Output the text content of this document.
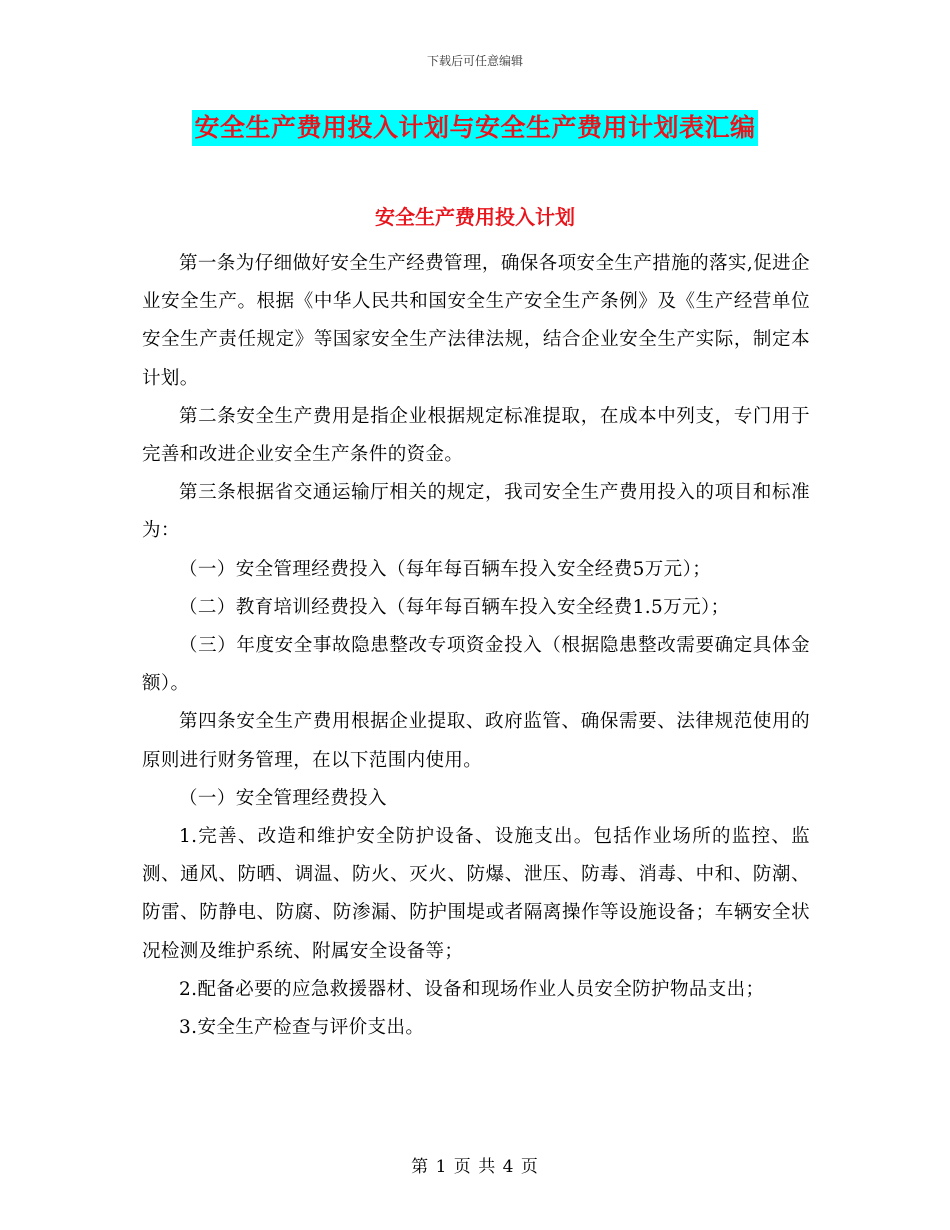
下载后可任意编辑
安全生产费用投入计划与安全生产费用计划表汇编
安全生产费用投入计划

第一条为仔细做好安全生产经费管理，确保各项安全生产措施的落实,促进企业安全生产。根据《中华人民共和国安全生产安全生产条例》及《生产经营单位安全生产责任规定》等国家安全生产法律法规，结合企业安全生产实际，制定本计划。

第二条安全生产费用是指企业根据规定标准提取，在成本中列支，专门用于完善和改进企业安全生产条件的资金。

第三条根据省交通运输厅相关的规定，我司安全生产费用投入的项目和标准为：

（一）安全管理经费投入（每年每百辆车投入安全经费5万元）；

（二）教育培训经费投入（每年每百辆车投入安全经费1.5万元）；

（三）年度安全事故隐患整改专项资金投入（根据隐患整改需要确定具体金额）。

第四条安全生产费用根据企业提取、政府监管、确保需要、法律规范使用的原则进行财务管理，在以下范围内使用。

（一）安全管理经费投入

1.完善、改造和维护安全防护设备、设施支出。包括作业场所的监控、监测、通风、防晒、调温、防火、灭火、防爆、泄压、防毒、消毒、中和、防潮、防雷、防静电、防腐、防渗漏、防护围堤或者隔离操作等设施设备；车辆安全状况检测及维护系统、附属安全设备等；

2.配备必要的应急救援器材、设备和现场作业人员安全防护物品支出；

3.安全生产检查与评价支出。

第 1 页 共 4 页
